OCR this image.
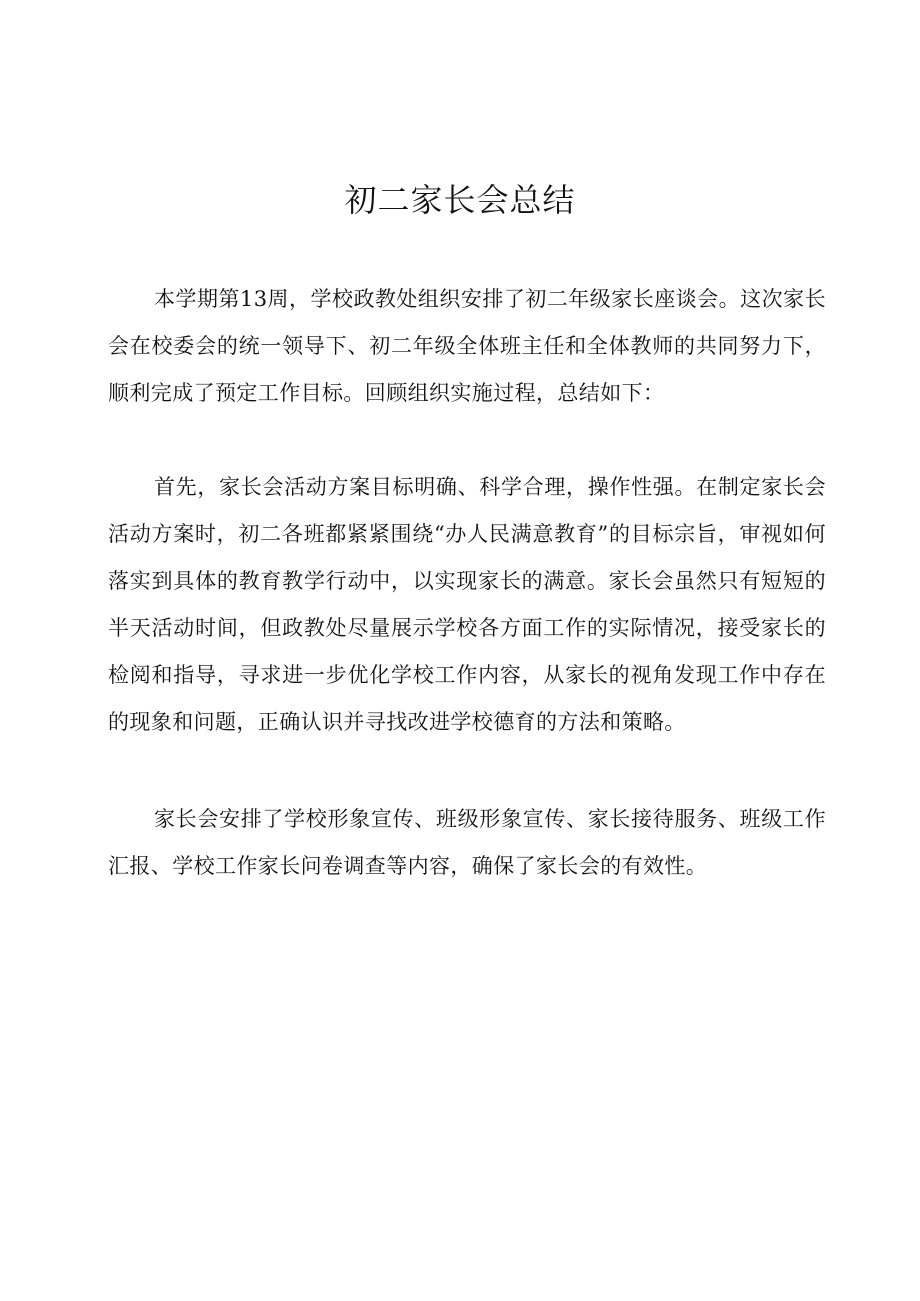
初二家长会总结

本学期第13周，学校政教处组织安排了初二年级家长座谈会。这次家长会在校委会的统一领导下、初二年级全体班主任和全体教师的共同努力下，顺利完成了预定工作目标。回顾组织实施过程，总结如下：

首先，家长会活动方案目标明确、科学合理，操作性强。在制定家长会活动方案时，初二各班都紧紧围绕“办人民满意教育”的目标宗旨，审视如何落实到具体的教育教学行动中，以实现家长的满意。家长会虽然只有短短的半天活动时间，但政教处尽量展示学校各方面工作的实际情况，接受家长的检阅和指导，寻求进一步优化学校工作内容，从家长的视角发现工作中存在的现象和问题，正确认识并寻找改进学校德育的方法和策略。

家长会安排了学校形象宣传、班级形象宣传、家长接待服务、班级工作汇报、学校工作家长问卷调查等内容，确保了家长会的有效性。
